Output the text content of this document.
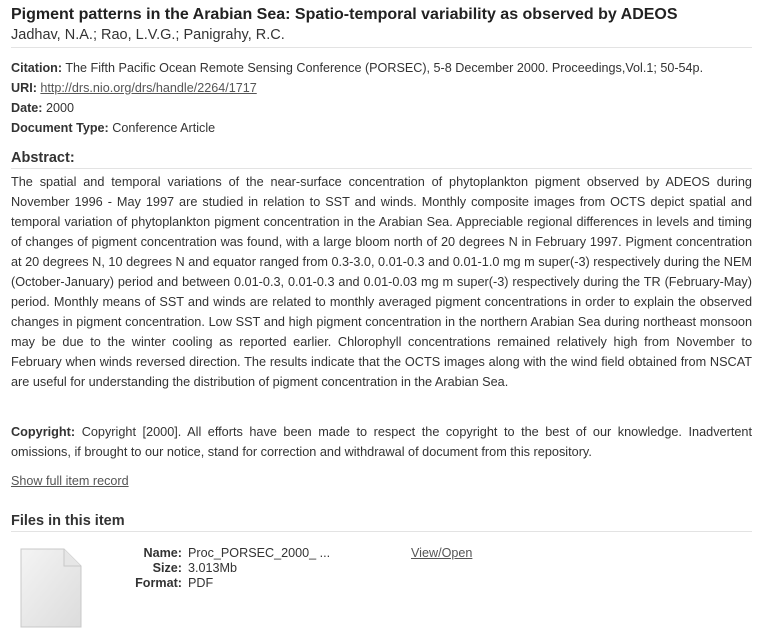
Pigment patterns in the Arabian Sea: Spatio-temporal variability as observed by ADEOS
Jadhav, N.A.; Rao, L.V.G.; Panigrahy, R.C.
Citation: The Fifth Pacific Ocean Remote Sensing Conference (PORSEC), 5-8 December 2000. Proceedings,Vol.1; 50-54p.
URI: http://drs.nio.org/drs/handle/2264/1717
Date: 2000
Document Type: Conference Article
Abstract:

The spatial and temporal variations of the near-surface concentration of phytoplankton pigment observed by ADEOS during November 1996 - May 1997 are studied in relation to SST and winds. Monthly composite images from OCTS depict spatial and temporal variation of phytoplankton pigment concentration in the Arabian Sea. Appreciable regional differences in levels and timing of changes of pigment concentration was found, with a large bloom north of 20 degrees N in February 1997. Pigment concentration at 20 degrees N, 10 degrees N and equator ranged from 0.3-3.0, 0.01-0.3 and 0.01-1.0 mg m super(-3) respectively during the NEM (October-January) period and between 0.01-0.3, 0.01-0.3 and 0.01-0.03 mg m super(-3) respectively during the TR (February-May) period. Monthly means of SST and winds are related to monthly averaged pigment concentrations in order to explain the observed changes in pigment concentration. Low SST and high pigment concentration in the northern Arabian Sea during northeast monsoon may be due to the winter cooling as reported earlier. Chlorophyll concentrations remained relatively high from November to February when winds reversed direction. The results indicate that the OCTS images along with the wind field obtained from NSCAT are useful for understanding the distribution of pigment concentration in the Arabian Sea.

Copyright: Copyright [2000]. All efforts have been made to respect the copyright to the best of our knowledge. Inadvertent omissions, if brought to our notice, stand for correction and withdrawal of document from this repository.

Show full item record
Files in this item
Name:
Size:
Format:
Proc_PORSEC_2000_ ...
3.013Mb
PDF
View/Open
